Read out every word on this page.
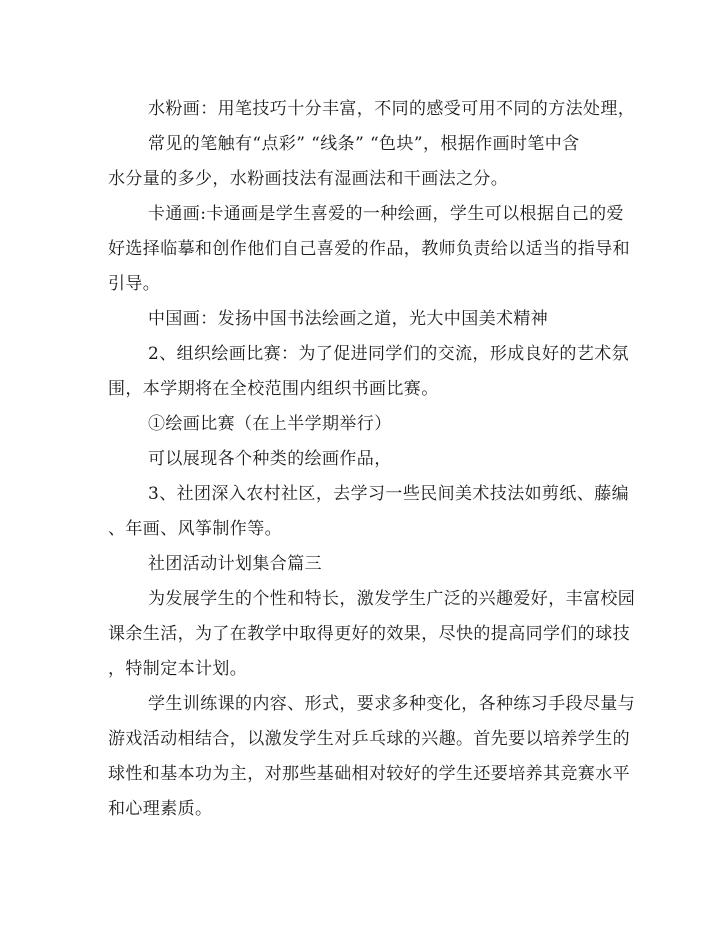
水粉画：用笔技巧十分丰富，不同的感受可用不同的方法处理，
常见的笔触有“点彩” “线条” “色块”，根据作画时笔中含
水分量的多少，水粉画技法有湿画法和干画法之分。
卡通画:卡通画是学生喜爱的一种绘画，学生可以根据自己的爱
好选择临摹和创作他们自己喜爱的作品，教师负责给以适当的指导和
引导。
中国画：发扬中国书法绘画之道，光大中国美术精神
2、组织绘画比赛：为了促进同学们的交流，形成良好的艺术氛
围，本学期将在全校范围内组织书画比赛。
①绘画比赛（在上半学期举行）
可以展现各个种类的绘画作品，
3、社团深入农村社区，去学习一些民间美术技法如剪纸、藤编
、年画、风筝制作等。
社团活动计划集合篇三
为发展学生的个性和特长，激发学生广泛的兴趣爱好，丰富校园
课余生活，为了在教学中取得更好的效果，尽快的提高同学们的球技
，特制定本计划。
学生训练课的内容、形式，要求多种变化，各种练习手段尽量与
游戏活动相结合，以激发学生对乒乓球的兴趣。首先要以培养学生的
球性和基本功为主，对那些基础相对较好的学生还要培养其竞赛水平
和心理素质。
